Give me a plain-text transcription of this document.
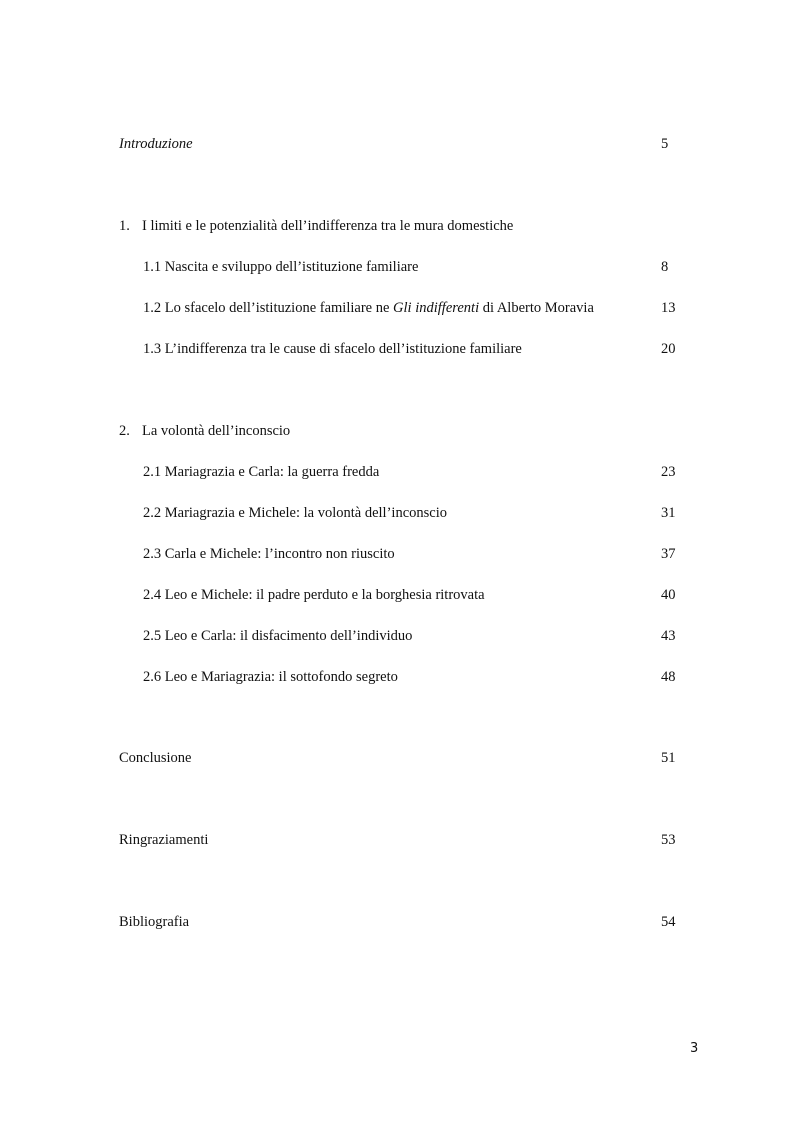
Introduzione	5
1. I limiti e le potenzialità dell’indifferenza tra le mura domestiche
1.1 Nascita e sviluppo dell’istituzione familiare	8
1.2 Lo sfacelo dell’istituzione familiare ne Gli indifferenti di Alberto Moravia	13
1.3 L’indifferenza tra le cause di sfacelo dell’istituzione familiare	20
2. La volontà dell’inconscio
2.1 Mariagrazia e Carla: la guerra fredda	23
2.2 Mariagrazia e Michele: la volontà dell’inconscio	31
2.3 Carla e Michele: l’incontro non riuscito	37
2.4 Leo e Michele: il padre perduto e la borghesia ritrovata	40
2.5 Leo e Carla: il disfacimento dell’individuo	43
2.6 Leo e Mariagrazia: il sottofondo segreto	48
Conclusione	51
Ringraziamenti	53
Bibliografia	54
3
